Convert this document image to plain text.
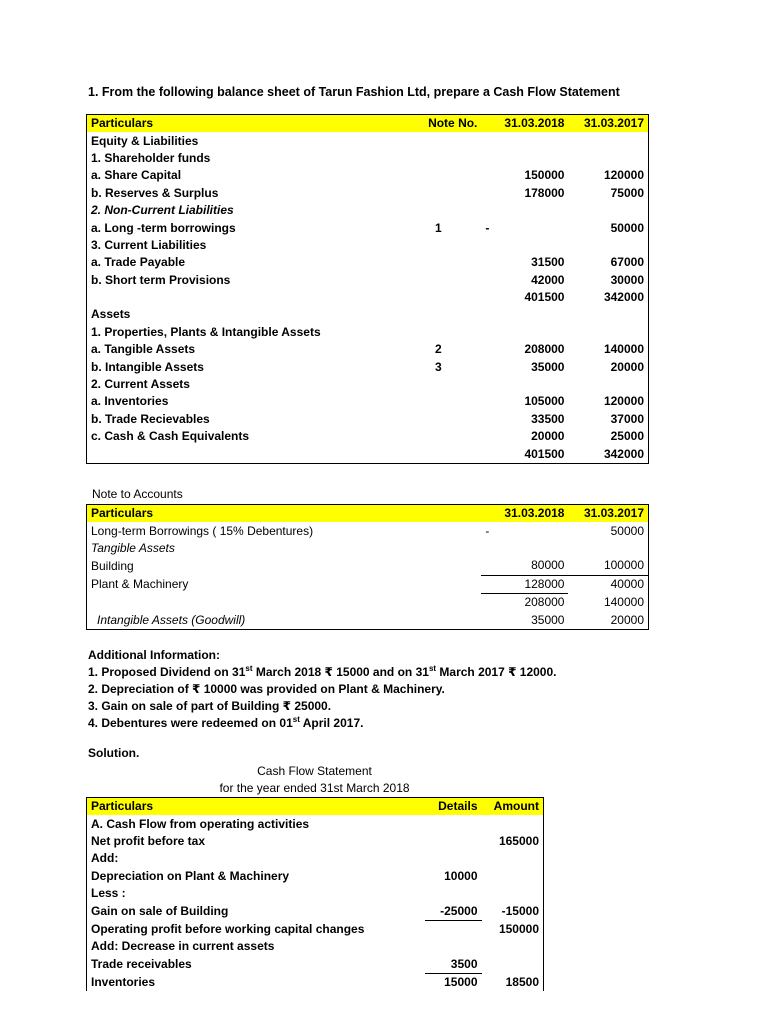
1. From the following balance sheet of Tarun Fashion Ltd, prepare a Cash Flow Statement
Particulars	Note No.	31.03.2018	31.03.2017
Equity & Liabilities			
1. Shareholder funds			
a. Share Capital		150000	120000
b. Reserves & Surplus		178000	75000
2. Non-Current Liabilities			
a. Long -term borrowings	1	-	50000
3. Current Liabilities			
a. Trade Payable		31500	67000
b. Short term Provisions		42000	30000
		401500	342000
Assets			
1. Properties, Plants & Intangible Assets			
a. Tangible Assets	2	208000	140000
b. Intangible Assets	3	35000	20000
2. Current Assets			
a. Inventories		105000	120000
b. Trade Recievables		33500	37000
c. Cash & Cash Equivalents		20000	25000
		401500	342000
Note to Accounts
Particulars	31.03.2018	31.03.2017
Long-term Borrowings ( 15% Debentures)	-	50000
Tangible Assets		
Building	80000	100000
Plant & Machinery	128000	40000
	208000	140000
Intangible Assets (Goodwill)	35000	20000
Additional Information:
1. Proposed Dividend on 31st March 2018 ₹ 15000 and on 31st March 2017 ₹ 12000.
2. Depreciation of ₹ 10000 was provided on Plant & Machinery.
3. Gain on sale of part of Building ₹ 25000.
4. Debentures were redeemed on 01st April 2017.
Solution.
Cash Flow Statement
for the year ended 31st March 2018
Particulars	Details	Amount
A. Cash Flow from operating activities		
Net profit before tax		165000
Add:		
Depreciation on Plant & Machinery	10000	
Less :		
Gain on sale of Building	-25000	-15000
Operating profit before working capital changes		150000
Add: Decrease in current assets		
Trade receivables	3500	
Inventories	15000	18500
